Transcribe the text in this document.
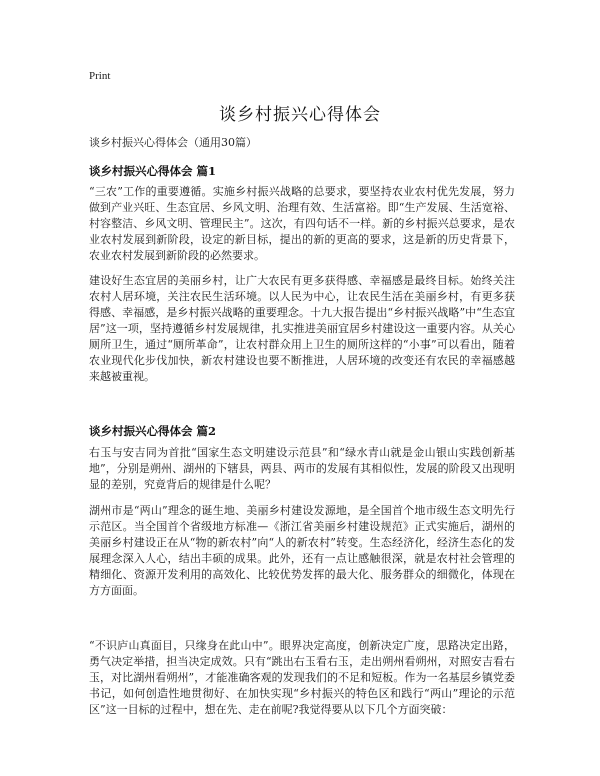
Print
谈乡村振兴心得体会
谈乡村振兴心得体会（通用30篇）
谈乡村振兴心得体会 篇1
“三农”工作的重要遵循。实施乡村振兴战略的总要求，要坚持农业农村优先发展，努力做到产业兴旺、生态宜居、乡风文明、治理有效、生活富裕。即“生产发展、生活宽裕、村容整洁、乡风文明、管理民主”。这次，有四句话不一样。新的乡村振兴总要求，是农业农村发展到新阶段，设定的新目标，提出的新的更高的要求，这是新的历史背景下，农业农村发展到新阶段的必然要求。
建设好生态宜居的美丽乡村，让广大农民有更多获得感、幸福感是最终目标。始终关注农村人居环境，关注农民生活环境。以人民为中心，让农民生活在美丽乡村，有更多获得感、幸福感，是乡村振兴战略的重要理念。十九大报告提出“乡村振兴战略”中“生态宜居”这一项，坚持遵循乡村发展规律，扎实推进美丽宜居乡村建设这一重要内容。从关心厕所卫生，通过“厕所革命”，让农村群众用上卫生的厕所这样的“小事”可以看出，随着农业现代化步伐加快，新农村建设也要不断推进，人居环境的改变还有农民的幸福感越来越被重视。
谈乡村振兴心得体会 篇2
右玉与安吉同为首批“国家生态文明建设示范县”和“绿水青山就是金山银山实践创新基地”，分别是朔州、湖州的下辖县，两县、两市的发展有其相似性，发展的阶段又出现明显的差别，究竟背后的规律是什么呢？
湖州市是“两山”理念的诞生地、美丽乡村建设发源地，是全国首个地市级生态文明先行示范区。当全国首个省级地方标准—《浙江省美丽乡村建设规范》正式实施后，湖州的美丽乡村建设正在从“物的新农村”向“人的新农村”转变。生态经济化，经济生态化的发展理念深入人心，结出丰硕的成果。此外，还有一点让感触很深，就是农村社会管理的精细化、资源开发利用的高效化、比较优势发挥的最大化、服务群众的细微化，体现在方方面面。
“不识庐山真面目，只缘身在此山中”。眼界决定高度，创新决定广度，思路决定出路，勇气决定举措，担当决定成效。只有“跳出右玉看右玉，走出朔州看朔州，对照安吉看右玉，对比湖州看朔州”，才能准确客观的发现我们的不足和短板。作为一名基层乡镇党委书记，如何创造性地贯彻好、在加快实现“乡村振兴的特色区和践行“两山”理论的示范区”这一目标的过程中，想在先、走在前呢?我觉得要从以下几个方面突破：
